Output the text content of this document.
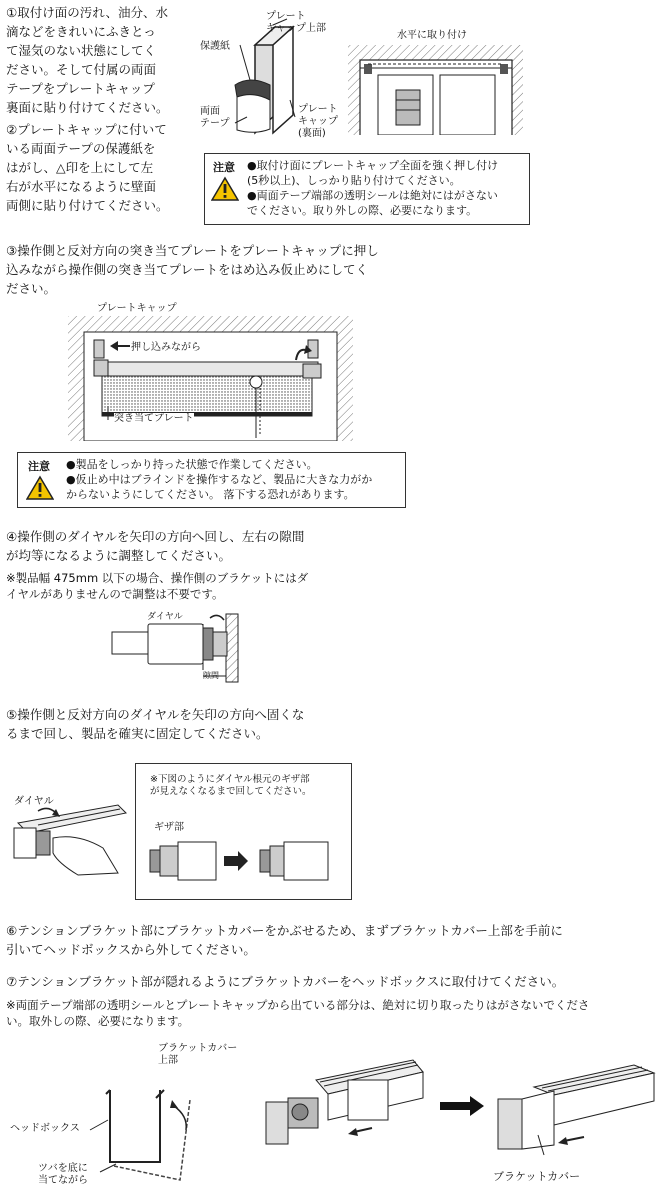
①取付け面の汚れ、油分、水
滴などをきれいにふきとっ
て湿気のない状態にしてく
ださい。そして付属の両面
テープをプレートキャップ
裏面に貼り付けてください。
②プレートキャップに付いて
いる両面テープの保護紙を
はがし、△印を上にして左
右が水平になるように壁面
両側に貼り付けてください。
プレート
キャップ上部
保護紙
両面
テープ
プレート
キャップ
(裏面)
水平に取り付け
注意 ●取付け面にプレートキャップ全面を強く押し付け
(5秒以上)、しっかり貼り付けてください。
●両面テープ端部の透明シールは絶対にはがさない
でください。取り外しの際、必要になります。
③操作側と反対方向の突き当てプレートをプレートキャップに押し
込みながら操作側の突き当てプレートをはめ込み仮止めにしてく
ださい。
プレートキャップ
押し込みながら
突き当てプレート
注意 ●製品をしっかり持った状態で作業してください。
●仮止め中はブラインドを操作するなど、製品に大きな力がか
からないようにしてください。 落下する恐れがあります。
④操作側のダイヤルを矢印の方向へ回し、左右の隙間
が均等になるように調整してください。
※製品幅 475mm 以下の場合、操作側のブラケットにはダ
イヤルがありませんので調整は不要です。
ダイヤル
隙間
⑤操作側と反対方向のダイヤルを矢印の方向へ固くな
るまで回し、製品を確実に固定してください。
ダイヤル
※下図のようにダイヤル根元のギザ部
が見えなくなるまで回してください。
ギザ部
⑥テンションブラケット部にブラケットカバーをかぶせるため、まずブラケットカバー上部を手前に
引いてヘッドボックスから外してください。
⑦テンションブラケット部が隠れるようにブラケットカバーをヘッドボックスに取付けてください。
※両面テープ端部の透明シールとプレートキャップから出ている部分は、絶対に切り取ったりはがさないでくださ
い。取外しの際、必要になります。
ブラケットカバー
上部
ヘッドボックス
ツバを底に
当てながら	ブラケットカバー
